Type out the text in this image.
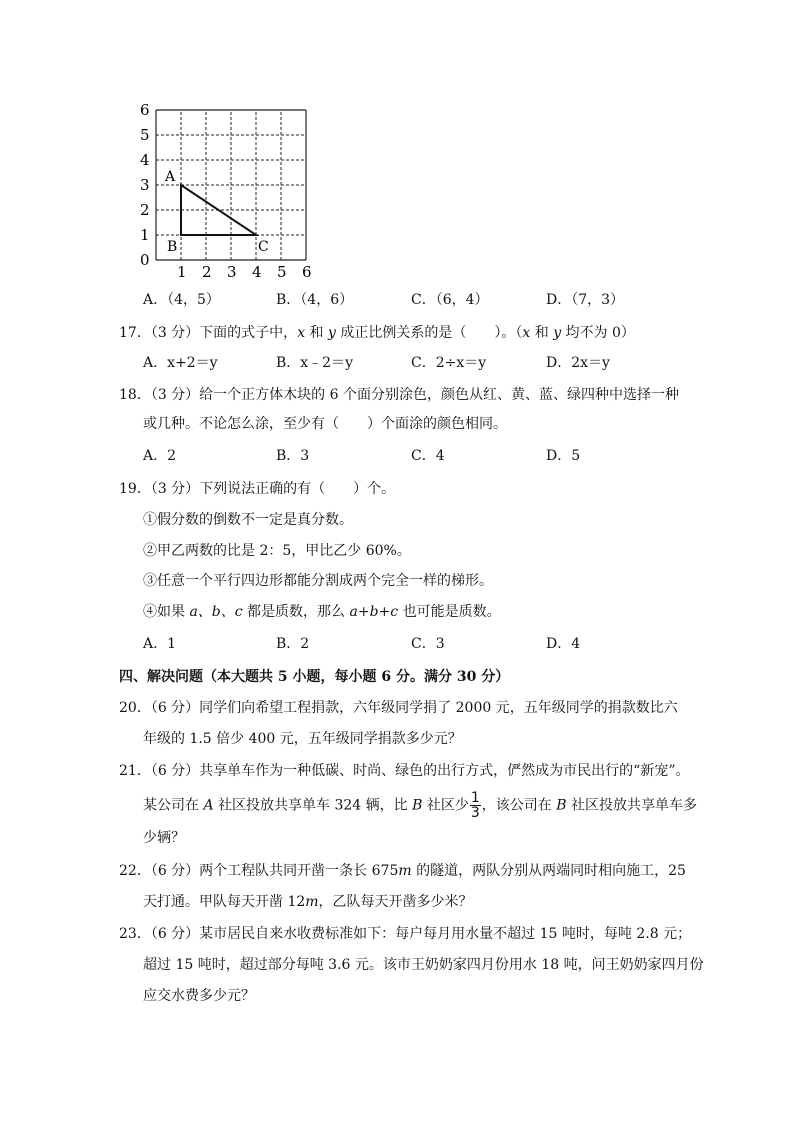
0
1
2
3
4
5
6
1 2 3 4 5 6
A
B	C
A．（4，5）	B．（4，6）	C．（6，4）	D．（7，3）
17．（3 分）下面的式子中，x 和 y 成正比例关系的是（　　）。（x 和 y 均不为 0）
A．x+2＝y	B．x﹣2＝y	C．2÷x＝y	D．2x＝y
18．（3 分）给一个正方体木块的 6 个面分别涂色，颜色从红、黄、蓝、绿四种中选择一种
或几种。不论怎么涂，至少有（　　）个面涂的颜色相同。
A．2	B．3	C．4	D．5
19．（3 分）下列说法正确的有（　　）个。
①假分数的倒数不一定是真分数。
②甲乙两数的比是 2：5，甲比乙少 60%。
③任意一个平行四边形都能分割成两个完全一样的梯形。
④如果 a、b、c 都是质数，那么 a+b+c 也可能是质数。
A．1	B．2	C．3	D．4
四、解决问题（本大题共 5 小题，每小题 6 分。满分 30 分）
20．（6 分）同学们向希望工程捐款，六年级同学捐了 2000 元，五年级同学的捐款数比六
年级的 1.5 倍少 400 元，五年级同学捐款多少元？
21．（6 分）共享单车作为一种低碳、时尚、绿色的出行方式，俨然成为市民出行的“新宠”。
某公司在 A 社区投放共享单车 324 辆，比 B 社区少 $\frac{1}{3}$ ，该公司在 B 社区投放共享单车多
少辆？
22．（6 分）两个工程队共同开凿一条长 675m 的隧道，两队分别从两端同时相向施工，25
天打通。甲队每天开凿 12m，乙队每天开凿多少米？
23．（6 分）某市居民自来水收费标准如下：每户每月用水量不超过 15 吨时，每吨 2.8 元；
超过 15 吨时，超过部分每吨 3.6 元。该市王奶奶家四月份用水 18 吨，问王奶奶家四月份
应交水费多少元？
